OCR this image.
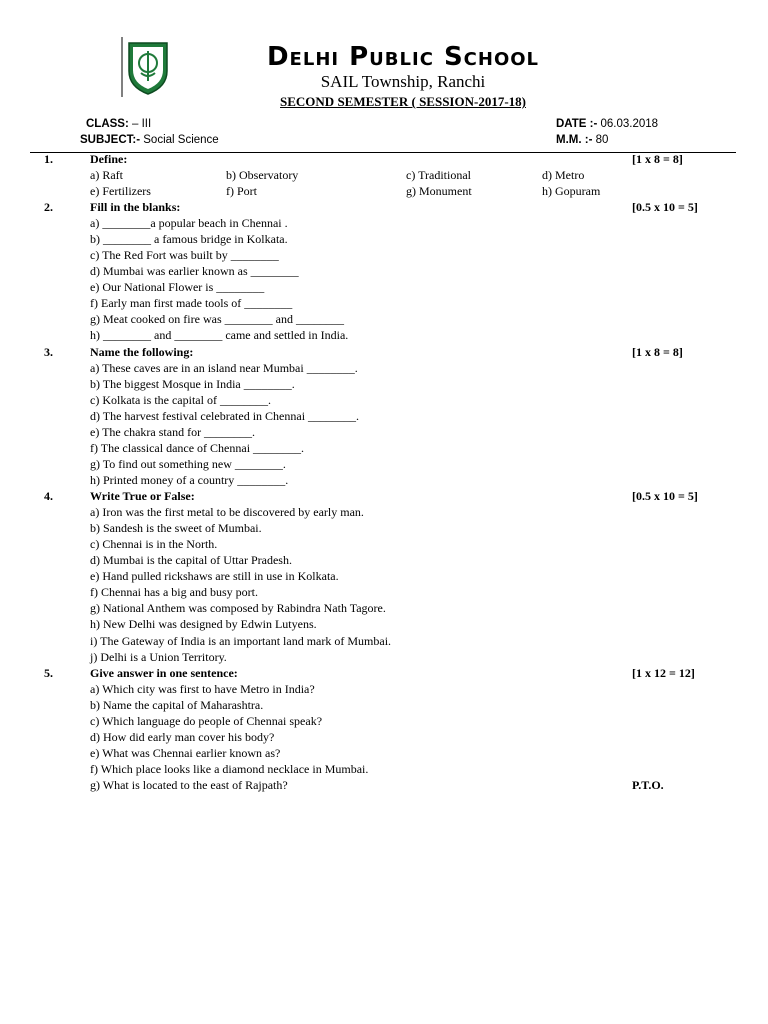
Delhi Public School
SAIL Township, Ranchi
SECOND SEMESTER ( SESSION-2017-18)
CLASS: – III	DATE :- 06.03.2018
SUBJECT:- Social Science	M.M. :- 80
1.	Define:	[1 x 8 = 8]
a) Raft	b) Observatory	c) Traditional	d) Metro
e) Fertilizers	f) Port	g) Monument	h) Gopuram
2.	Fill in the blanks:	[0.5 x 10 = 5]
a) ________a popular beach in Chennai .
b) ________ a famous bridge in Kolkata.
c) The Red Fort was built by ________
d) Mumbai was earlier known as ________
e) Our National Flower is ________
f) Early man first made tools of ________
g) Meat cooked on fire was ________ and ________
h) ________ and ________ came and settled in India.
3.	Name the following:	[1 x 8 = 8]
a) These caves are in an island near Mumbai ________.
b) The biggest Mosque in India ________.
c) Kolkata is the capital of ________.
d) The harvest festival celebrated in Chennai ________.
e) The chakra stand for ________.
f) The classical dance of Chennai ________.
g) To find out something new ________.
h) Printed money of a country ________.
4.	Write True or False:	[0.5 x 10 = 5]
a) Iron was the first metal to be discovered by early man.
b) Sandesh is the sweet of Mumbai.
c) Chennai is in the North.
d) Mumbai is the capital of Uttar Pradesh.
e) Hand pulled rickshaws are still in use in Kolkata.
f) Chennai has a big and busy port.
g) National Anthem was composed by Rabindra Nath Tagore.
h) New Delhi was designed by Edwin Lutyens.
i) The Gateway of India is an important land mark of Mumbai.
j) Delhi is a Union Territory.
5.	Give answer in one sentence:	[1 x 12 = 12]
a) Which city was first to have Metro in India?
b) Name the capital of Maharashtra.
c) Which language do people of Chennai speak?
d) How did early man cover his body?
e) What was Chennai earlier known as?
f) Which place looks like a diamond necklace in Mumbai.
g) What is located to the east of Rajpath?	P.T.O.
